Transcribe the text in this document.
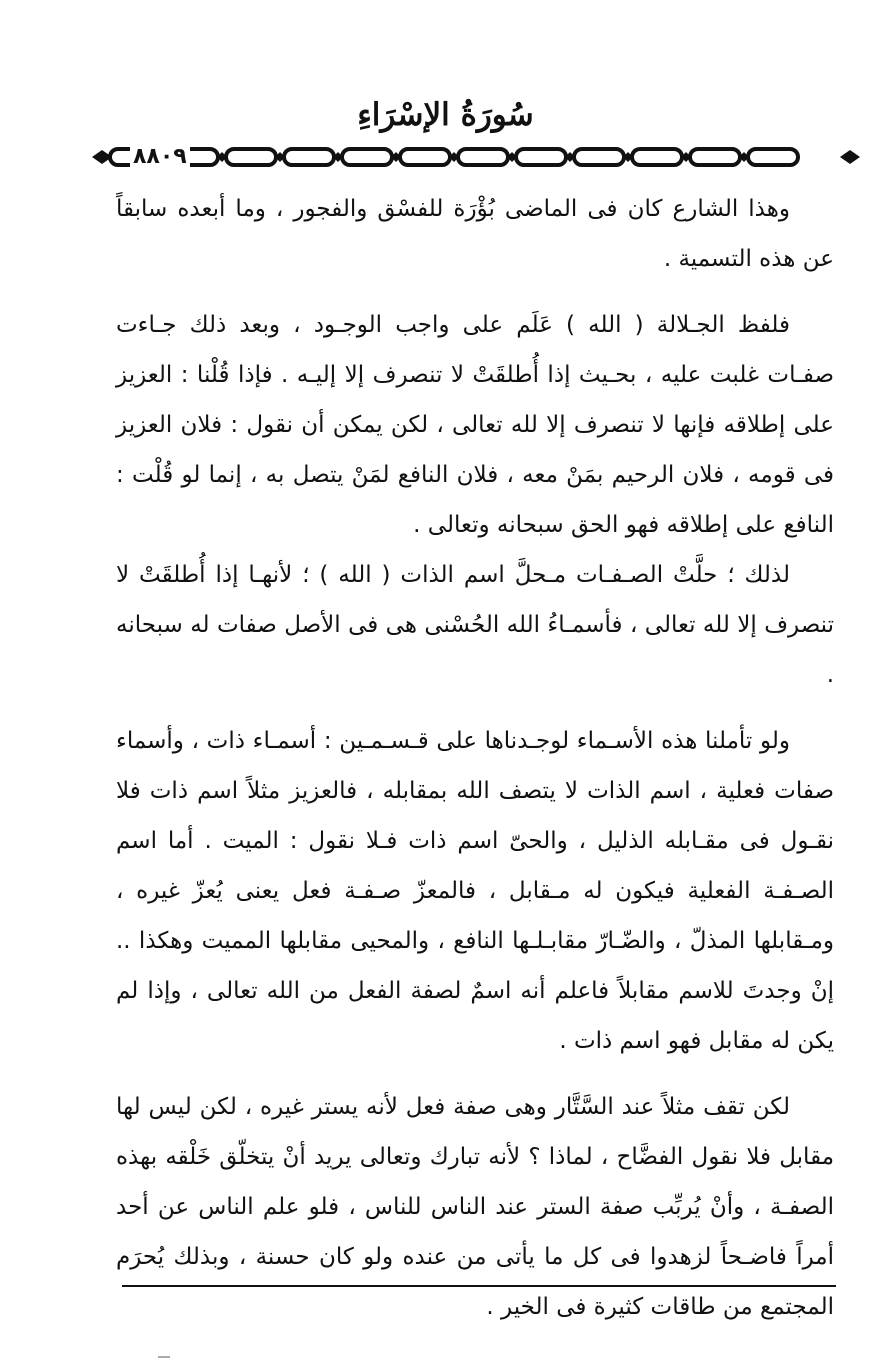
سُورَةُ الإسْرَاءِ
٨٨٠٩

وهذا الشارع كان فى الماضى بُؤْرَة للفسْق والفجور ، وما أبعده سابقاً عن هذه التسمية .

فلفظ الجـلالة ( الله ) عَلَم على واجب الوجـود ، وبعد ذلك جـاءت صفـات غلبت عليه ، بحـيث إذا أُطلقَتْ لا تنصرف إلا إليـه . فإذا قُلْنا : العزيز على إطلاقه فإنها لا تنصرف إلا لله تعالى ، لكن يمكن أن نقول : فلان العزيز فى قومه ، فلان الرحيم بمَنْ معه ، فلان النافع لمَنْ يتصل به ، إنما لو قُلْت : النافع على إطلاقه فهو الحق سبحانه وتعالى .

لذلك ؛ حلَّتْ الصـفـات مـحلَّ اسم الذات ( الله ) ؛ لأنهـا إذا أُطلقَتْ لا تنصرف إلا لله تعالى ، فأسمـاءُ الله الحُسْنى هى فى الأصل صفات له سبحانه .

ولو تأملنا هذه الأسـماء لوجـدناها على قـسـمـين : أسمـاء ذات ، وأسماء صفات فعلية ، اسم الذات لا يتصف الله بمقابله ، فالعزيز مثلاً اسم ذات فلا نقـول فى مقـابله الذليل ، والحىّ اسم ذات فـلا نقول : الميت . أما اسم الصـفـة الفعلية فيكون له مـقابل ، فالمعزّ صـفـة فعل يعنى يُعزّ غيره ، ومـقابلها المذلّ ، والضّـارّ مقابـلـها النافع ، والمحيى مقابلها المميت وهكذا .. إنْ وجدتَ للاسم مقابلاً فاعلم أنه اسمٌ لصفة الفعل من الله تعالى ، وإذا لم يكن له مقابل فهو اسم ذات .

لكن تقف مثلاً عند السَّتَّار وهى صفة فعل لأنه يستر غيره ، لكن ليس لها مقابل فلا نقول الفضَّاح ، لماذا ؟ لأنه تبارك وتعالى يريد أنْ يتخلّق خَلْقه بهذه الصفـة ، وأنْ يُربِّب صفة الستر عند الناس للناس ، فلو علم الناس عن أحد أمراً فاضـحاً لزهدوا فى كل ما يأتى من عنده ولو كان حسنة ، وبذلك يُحرَم المجتمع من طاقات كثيرة فى الخير .
